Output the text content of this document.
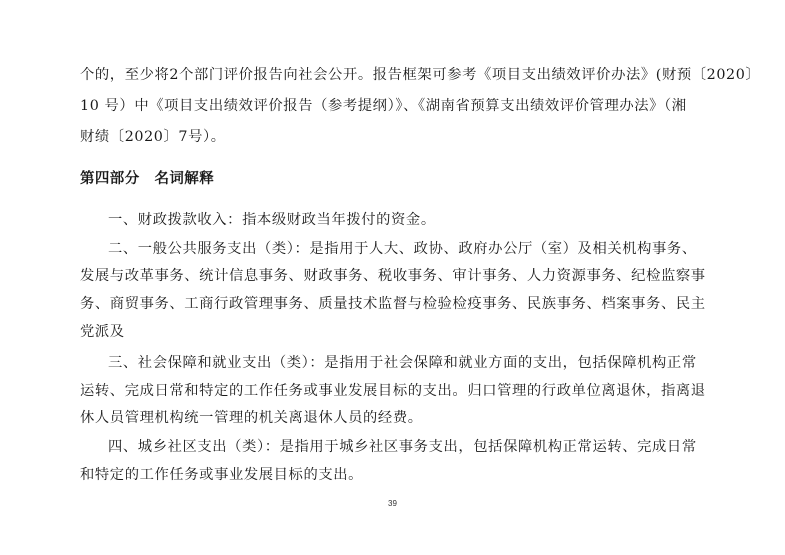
个的，至少将2个部门评价报告向社会公开。报告框架可参考《项目支出绩效评价办法》(财预〔2020〕
10 号）中《项目支出绩效评价报告（参考提纲）》、《湖南省预算支出绩效评价管理办法》（湘
财绩〔2020〕7号）。
第四部分　名词解释
一、财政拨款收入：指本级财政当年拨付的资金。
二、一般公共服务支出（类）：是指用于人大、政协、政府办公厅（室）及相关机构事务、
发展与改革事务、统计信息事务、财政事务、税收事务、审计事务、人力资源事务、纪检监察事
务、商贸事务、工商行政管理事务、质量技术监督与检验检疫事务、民族事务、档案事务、民主
党派及
三、社会保障和就业支出（类）：是指用于社会保障和就业方面的支出，包括保障机构正常
运转、完成日常和特定的工作任务或事业发展目标的支出。归口管理的行政单位离退休，指离退
休人员管理机构统一管理的机关离退休人员的经费。
四、城乡社区支出（类）：是指用于城乡社区事务支出，包括保障机构正常运转、完成日常
和特定的工作任务或事业发展目标的支出。
39
